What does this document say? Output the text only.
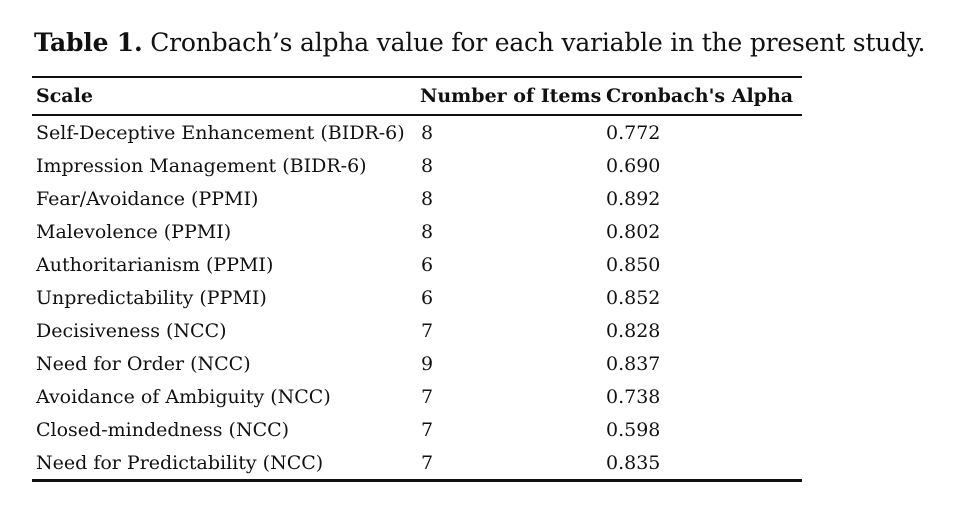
Table 1. Cronbach’s alpha value for each variable in the present study.
Scale	Number of Items	Cronbach's Alpha
Self-Deceptive Enhancement (BIDR-6)	8	0.772
Impression Management (BIDR-6)	8	0.690
Fear/Avoidance (PPMI)	8	0.892
Malevolence (PPMI)	8	0.802
Authoritarianism (PPMI)	6	0.850
Unpredictability (PPMI)	6	0.852
Decisiveness (NCC)	7	0.828
Need for Order (NCC)	9	0.837
Avoidance of Ambiguity (NCC)	7	0.738
Closed-mindedness (NCC)	7	0.598
Need for Predictability (NCC)	7	0.835
